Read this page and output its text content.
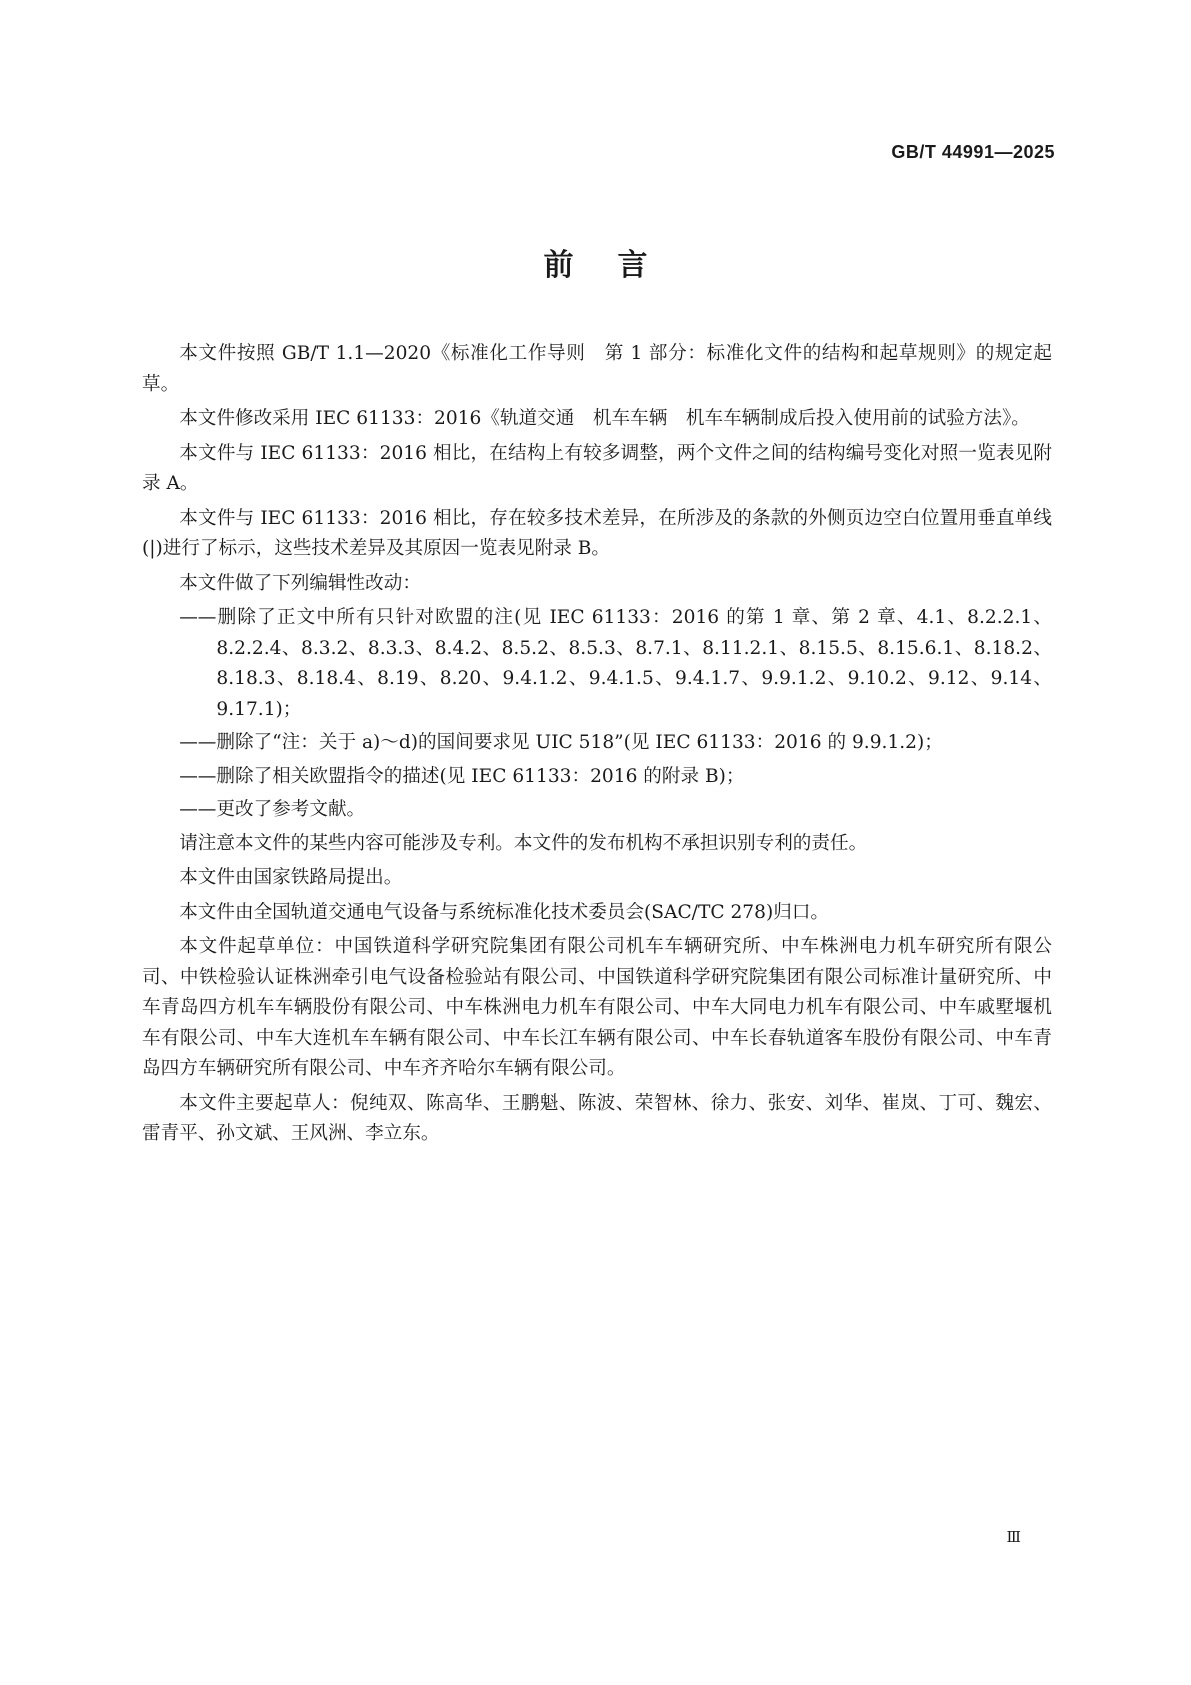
GB/T 44991—2025
前言

本文件按照 GB/T 1.1—2020《标准化工作导则　第 1 部分：标准化文件的结构和起草规则》的规定起草。

本文件修改采用 IEC 61133：2016《轨道交通　机车车辆　机车车辆制成后投入使用前的试验方法》。

本文件与 IEC 61133：2016 相比，在结构上有较多调整，两个文件之间的结构编号变化对照一览表见附录 A。

本文件与 IEC 61133：2016 相比，存在较多技术差异，在所涉及的条款的外侧页边空白位置用垂直单线(|)进行了标示，这些技术差异及其原因一览表见附录 B。

本文件做了下列编辑性改动：

——删除了正文中所有只针对欧盟的注(见 IEC 61133：2016 的第 1 章、第 2 章、4.1、8.2.2.1、8.2.2.4、8.3.2、8.3.3、8.4.2、8.5.2、8.5.3、8.7.1、8.11.2.1、8.15.5、8.15.6.1、8.18.2、8.18.3、8.18.4、8.19、8.20、9.4.1.2、9.4.1.5、9.4.1.7、9.9.1.2、9.10.2、9.12、9.14、9.17.1)；

——删除了“注：关于 a)～d)的国间要求见 UIC 518”(见 IEC 61133：2016 的 9.9.1.2)；

——删除了相关欧盟指令的描述(见 IEC 61133：2016 的附录 B)；

——更改了参考文献。

请注意本文件的某些内容可能涉及专利。本文件的发布机构不承担识别专利的责任。

本文件由国家铁路局提出。

本文件由全国轨道交通电气设备与系统标准化技术委员会(SAC/TC 278)归口。

本文件起草单位：中国铁道科学研究院集团有限公司机车车辆研究所、中车株洲电力机车研究所有限公司、中铁检验认证株洲牵引电气设备检验站有限公司、中国铁道科学研究院集团有限公司标准计量研究所、中车青岛四方机车车辆股份有限公司、中车株洲电力机车有限公司、中车大同电力机车有限公司、中车戚墅堰机车有限公司、中车大连机车车辆有限公司、中车长江车辆有限公司、中车长春轨道客车股份有限公司、中车青岛四方车辆研究所有限公司、中车齐齐哈尔车辆有限公司。

本文件主要起草人：倪纯双、陈高华、王鹏魁、陈波、荣智林、徐力、张安、刘华、崔岚、丁可、魏宏、雷青平、孙文斌、王风洲、李立东。

Ⅲ
